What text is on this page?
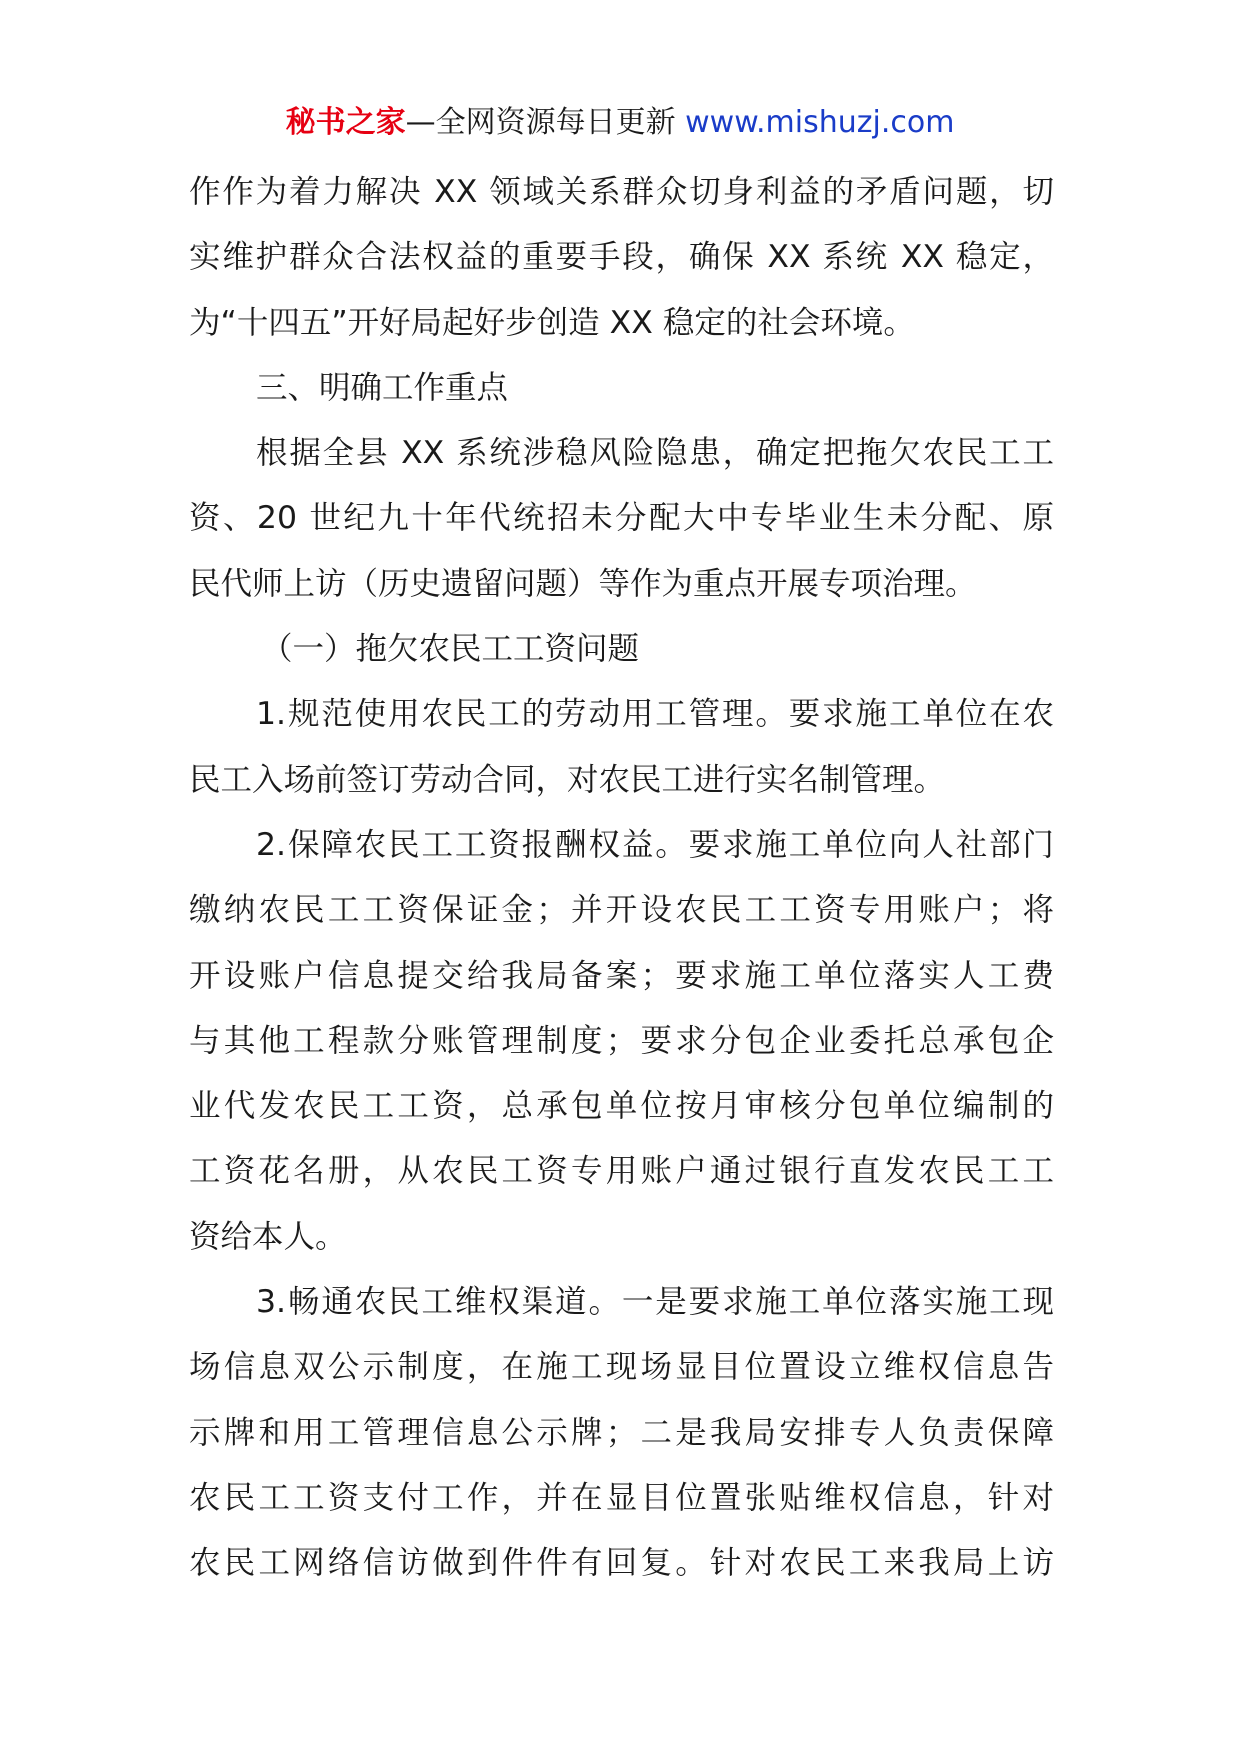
秘书之家—全网资源每日更新 www.mishuzj.com
作作为着力解决 XX 领域关系群众切身利益的矛盾问题，切
实维护群众合法权益的重要手段，确保 XX 系统 XX 稳定，
为“十四五”开好局起好步创造 XX 稳定的社会环境。
三、明确工作重点
根据全县 XX 系统涉稳风险隐患，确定把拖欠农民工工
资、20 世纪九十年代统招未分配大中专毕业生未分配、原
民代师上访（历史遗留问题）等作为重点开展专项治理。
（一）拖欠农民工工资问题
1.规范使用农民工的劳动用工管理。要求施工单位在农
民工入场前签订劳动合同，对农民工进行实名制管理。
2.保障农民工工资报酬权益。要求施工单位向人社部门
缴纳农民工工资保证金；并开设农民工工资专用账户；将
开设账户信息提交给我局备案；要求施工单位落实人工费
与其他工程款分账管理制度；要求分包企业委托总承包企
业代发农民工工资，总承包单位按月审核分包单位编制的
工资花名册，从农民工资专用账户通过银行直发农民工工
资给本人。
3.畅通农民工维权渠道。一是要求施工单位落实施工现
场信息双公示制度，在施工现场显目位置设立维权信息告
示牌和用工管理信息公示牌；二是我局安排专人负责保障
农民工工资支付工作，并在显目位置张贴维权信息，针对
农民工网络信访做到件件有回复。针对农民工来我局上访
